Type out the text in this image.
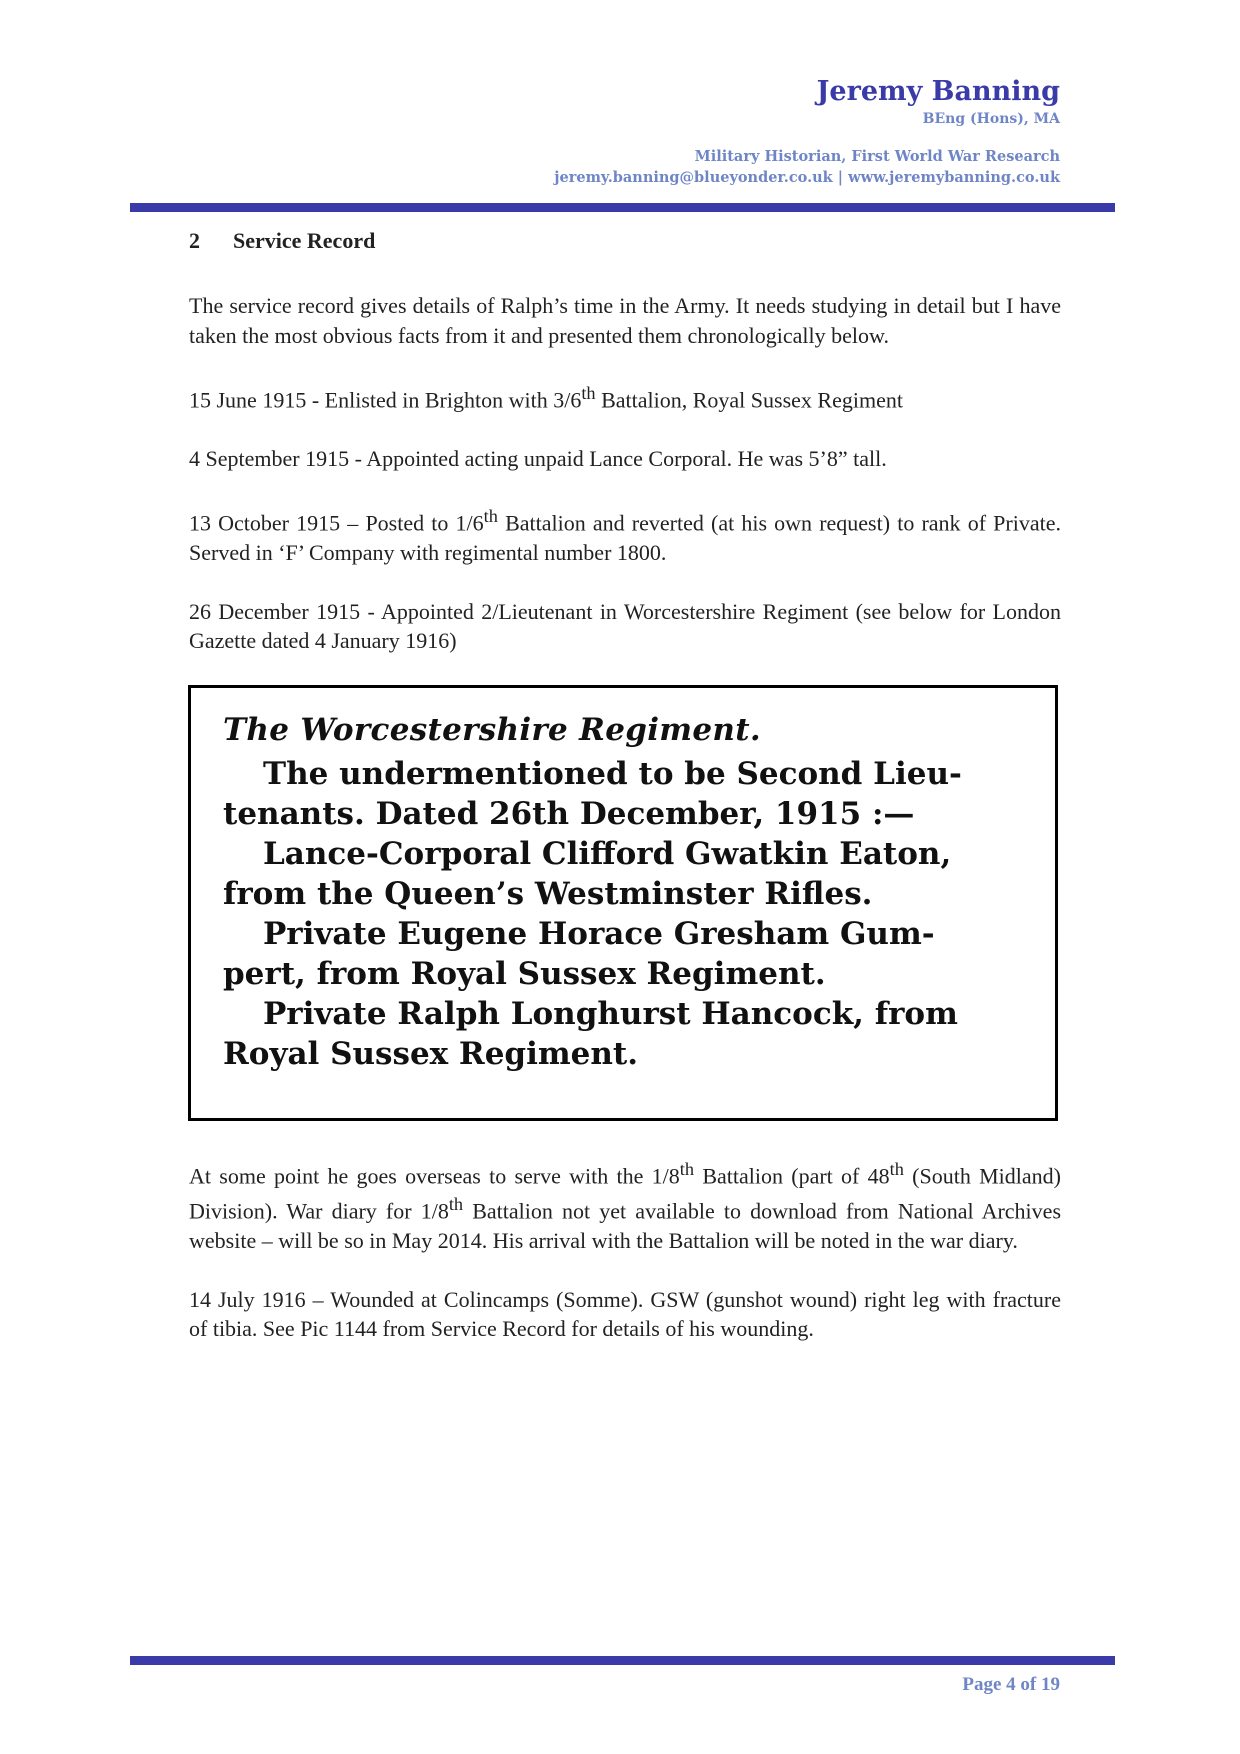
Jeremy Banning
BEng (Hons), MA
Military Historian, First World War Research
jeremy.banning@blueyonder.co.uk | www.jeremybanning.co.uk
2 Service Record

The service record gives details of Ralph’s time in the Army. It needs studying in detail but I have taken the most obvious facts from it and presented them chronologically below.

15 June 1915 - Enlisted in Brighton with 3/6th Battalion, Royal Sussex Regiment

4 September 1915 - Appointed acting unpaid Lance Corporal. He was 5’8” tall.

13 October 1915 – Posted to 1/6th Battalion and reverted (at his own request) to rank of Private. Served in ‘F’ Company with regimental number 1800.

26 December 1915 - Appointed 2/Lieutenant in Worcestershire Regiment (see below for London Gazette dated 4 January 1916)

The Worcestershire Regiment.
The undermentioned to be Second Lieu-
tenants. Dated 26th December, 1915 :—
Lance-Corporal Clifford Gwatkin Eaton,
from the Queen’s Westminster Rifles.
Private Eugene Horace Gresham Gum-
pert, from Royal Sussex Regiment.
Private Ralph Longhurst Hancock, from
Royal Sussex Regiment.

At some point he goes overseas to serve with the 1/8th Battalion (part of 48th (South Midland) Division). War diary for 1/8th Battalion not yet available to download from National Archives website – will be so in May 2014. His arrival with the Battalion will be noted in the war diary.

14 July 1916 – Wounded at Colincamps (Somme). GSW (gunshot wound) right leg with fracture of tibia. See Pic 1144 from Service Record for details of his wounding.

Page 4 of 19
